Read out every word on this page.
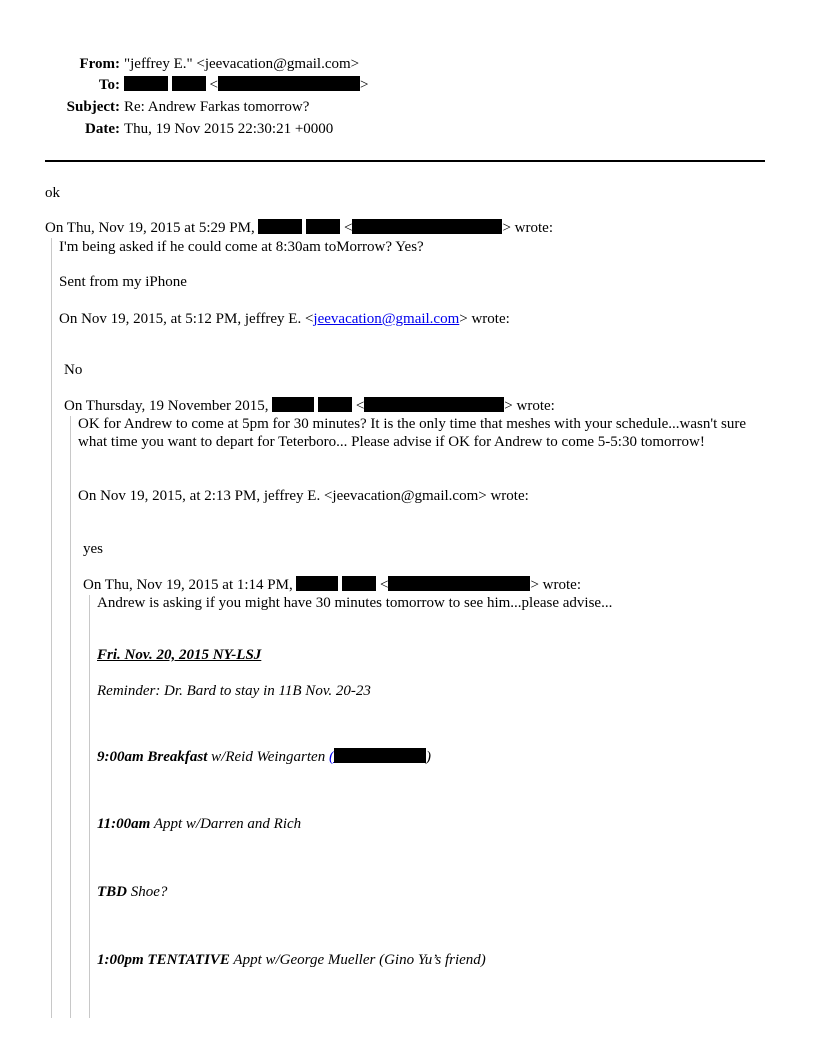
From: "jeffrey E." <jeevacation@gmail.com>
To:	<	>
Subject: Re: Andrew Farkas tomorrow?
Date: Thu, 19 Nov 2015 22:30:21 +0000
ok
On Thu, Nov 19, 2015 at 5:29 PM,	<	> wrote:
I'm being asked if he could come at 8:30am toMorrow? Yes?
Sent from my iPhone
On Nov 19, 2015, at 5:12 PM, jeffrey E. <jeevacation@gmail.com> wrote:
No
On Thursday, 19 November 2015,	<	> wrote:
OK for Andrew to come at 5pm for 30 minutes? It is the only time that meshes with your schedule...wasn't sure what time you want to depart for Teterboro... Please advise if OK for Andrew to come 5-5:30 tomorrow!
On Nov 19, 2015, at 2:13 PM, jeffrey E. <jeevacation@gmail.com> wrote:
yes
On Thu, Nov 19, 2015 at 1:14 PM,	<	> wrote:
Andrew is asking if you might have 30 minutes tomorrow to see him...please advise...
Fri. Nov. 20, 2015 NY-LSJ
Reminder: Dr. Bard to stay in 11B Nov. 20-23
9:00am Breakfast w/Reid Weingarten (	)
11:00am Appt w/Darren and Rich
TBD Shoe?
1:00pm TENTATIVE Appt w/George Mueller (Gino Yu’s friend)
